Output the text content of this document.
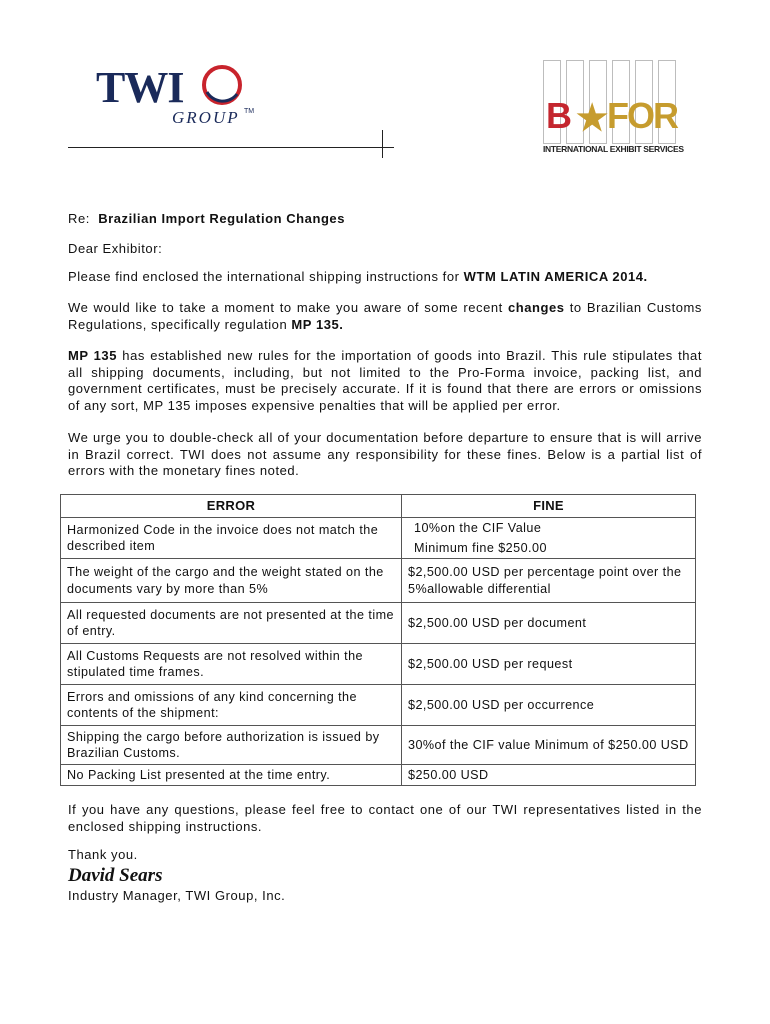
TWI
GROUP TM	B ★
F
O
R
INTERNATIONAL EXHIBIT SERVICES
Re: Brazilian Import Regulation Changes
Dear Exhibitor:
Please find enclosed the international shipping instructions for WTM LATIN AMERICA 2014.
We would like to take a moment to make you aware of some recent changes to Brazilian Customs Regulations, specifically regulation MP 135.
MP 135 has established new rules for the importation of goods into Brazil. This rule stipulates that all shipping documents, including, but not limited to the Pro-Forma invoice, packing list, and government certificates, must be precisely accurate. If it is found that there are errors or omissions of any sort, MP 135 imposes expensive penalties that will be applied per error.
We urge you to double-check all of your documentation before departure to ensure that is will arrive in Brazil correct. TWI does not assume any responsibility for these fines. Below is a partial list of errors with the monetary fines noted.
ERROR	FINE
Harmonized Code in the invoice does not match the described item	10%on the CIF Value
Minimum fine $250.00

The weight of the cargo and the weight stated on the documents vary by more than 5%	$2,500.00 USD per percentage point over the 5%allowable differential
All requested documents are not presented at the time of entry.	$2,500.00 USD per document
All Customs Requests are not resolved within the stipulated time frames.	$2,500.00 USD per request
Errors and omissions of any kind concerning the contents of the shipment:	$2,500.00 USD per occurrence
Shipping the cargo before authorization is issued by Brazilian Customs.	30%of the CIF value Minimum of $250.00 USD
No Packing List presented at the time entry.	$250.00 USD
If you have any questions, please feel free to contact one of our TWI representatives listed in the enclosed shipping instructions.
Thank you.
David Sears
Industry Manager, TWI Group, Inc.
